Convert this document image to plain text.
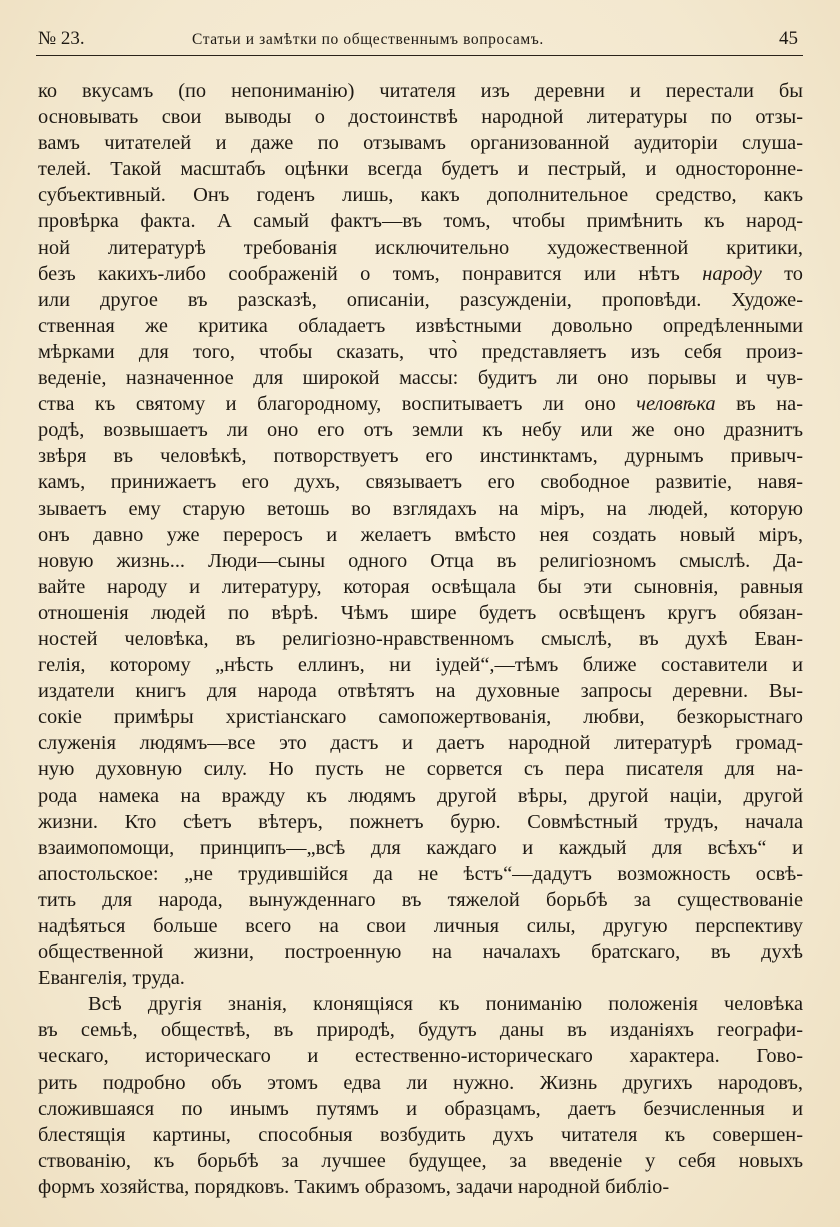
№ 23.	Статьи и замѣтки по общественнымъ вопросамъ.	45
ко вкусамъ (по непониманію) читателя изъ деревни и перестали бы
основывать свои выводы о достоинствѣ народной литературы по отзы-
вамъ читателей и даже по отзывамъ организованной аудиторіи слуша-
телей. Такой масштабъ оцѣнки всегда будетъ и пестрый, и односторонне-
субъективный. Онъ годенъ лишь, какъ дополнительное средство, какъ
провѣрка факта. А самый фактъ—въ томъ, чтобы примѣнить къ народ-
ной литературѣ требованія исключительно художественной критики,
безъ какихъ-либо соображеній о томъ, понравится или нѣтъ народу то
или другое въ разсказѣ, описаніи, разсужденіи, проповѣди. Художе-
ственная же критика обладаетъ извѣстными довольно опредѣленными
мѣрками для того, чтобы сказать, что̀ представляетъ изъ себя произ-
веденіе, назначенное для широкой массы: будитъ ли оно порывы и чув-
ства къ святому и благородному, воспитываетъ ли оно человѣка въ на-
родѣ, возвышаетъ ли оно его отъ земли къ небу или же оно дразнитъ
звѣря въ человѣкѣ, потворствуетъ его инстинктамъ, дурнымъ привыч-
камъ, принижаетъ его духъ, связываетъ его свободное развитіе, навя-
зываетъ ему старую ветошь во взглядахъ на міръ, на людей, которую
онъ давно уже переросъ и желаетъ вмѣсто нея создать новый міръ,
новую жизнь... Люди—сыны одного Отца въ религіозномъ смыслѣ. Да-
вайте народу и литературу, которая освѣщала бы эти сыновнія, равныя
отношенія людей по вѣрѣ. Чѣмъ шире будетъ освѣщенъ кругъ обязан-
ностей человѣка, въ религіозно-нравственномъ смыслѣ, въ духѣ Еван-
гелія, которому „нѣсть еллинъ, ни іудей“,—тѣмъ ближе составители и
издатели книгъ для народа отвѣтятъ на духовные запросы деревни. Вы-
сокіе примѣры христіанскаго самопожертвованія, любви, безкорыстнаго
служенія людямъ—все это дастъ и даетъ народной литературѣ громад-
ную духовную силу. Но пусть не сорвется съ пера писателя для на-
рода намека на вражду къ людямъ другой вѣры, другой націи, другой
жизни. Кто сѣетъ вѣтеръ, пожнетъ бурю. Совмѣстный трудъ, начала
взаимопомощи, принципъ—„всѣ для каждаго и каждый для всѣхъ“ и
апостольское: „не трудившійся да не ѣстъ“—дадутъ возможность освѣ-
тить для народа, вынужденнаго въ тяжелой борьбѣ за существованіе
надѣяться больше всего на свои личныя силы, другую перспективу
общественной жизни, построенную на началахъ братскаго, въ духѣ
Евангелія, труда.
Всѣ другія знанія, клонящіяся къ пониманію положенія человѣка
въ семьѣ, обществѣ, въ природѣ, будутъ даны въ изданіяхъ географи-
ческаго, историческаго и естественно-историческаго характера. Гово-
рить подробно объ этомъ едва ли нужно. Жизнь другихъ народовъ,
сложившаяся по инымъ путямъ и образцамъ, даетъ безчисленныя и
блестящія картины, способныя возбудить духъ читателя къ совершен-
ствованію, къ борьбѣ за лучшее будущее, за введеніе у себя новыхъ
формъ хозяйства, порядковъ. Такимъ образомъ, задачи народной библіо-
